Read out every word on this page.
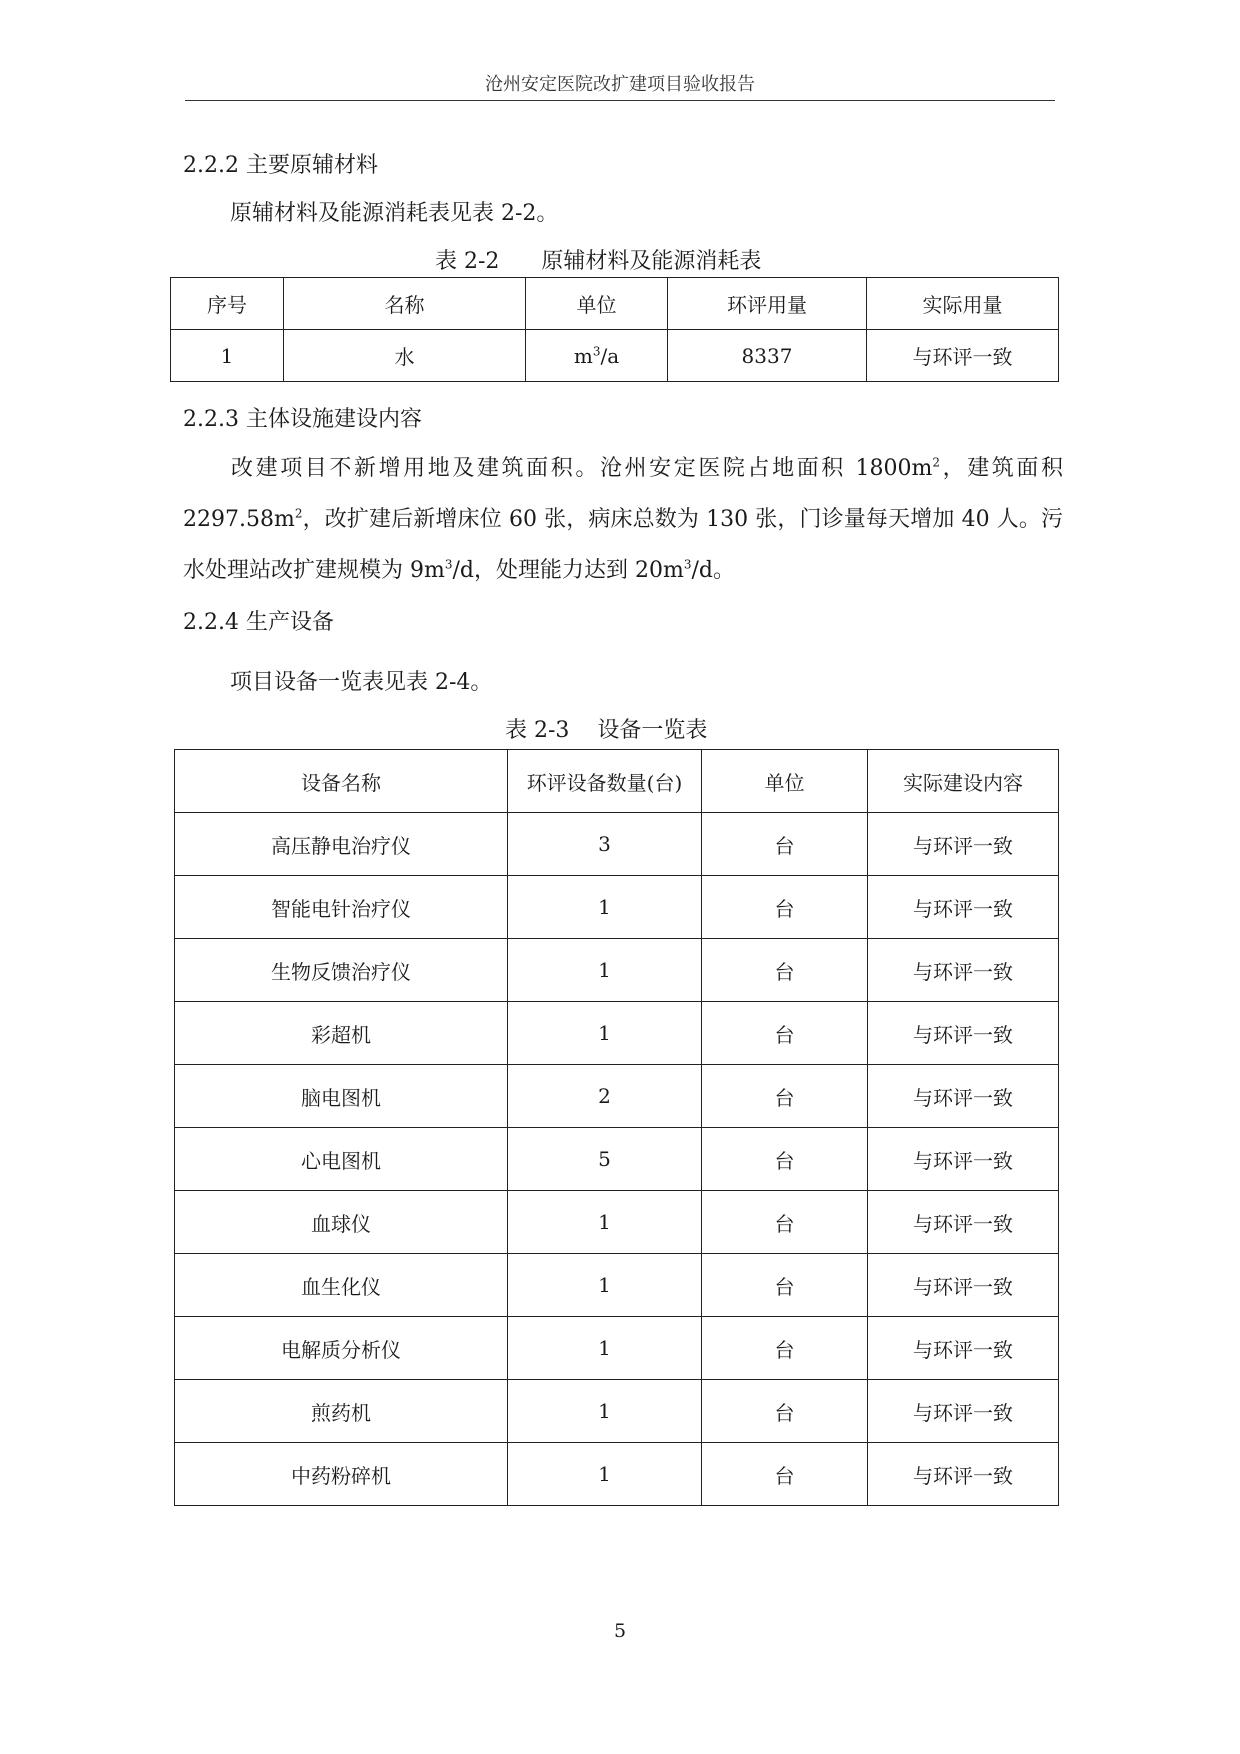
沧州安定医院改扩建项目验收报告
2.2.2 主要原辅材料
原辅材料及能源消耗表见表 2-2。
表 2-2      原辅材料及能源消耗表
序号	名称	单位	环评用量	实际用量
1	水	$m^3/a$	8337	与环评一致
2.2.3 主体设施建设内容
改建项目不新增用地及建筑面积。沧州安定医院占地面积 $1800m^2$，建筑面积 $2297.58m^2$，改扩建后新增床位 60 张，病床总数为 130 张，门诊量每天增加 40 人。污水处理站改扩建规模为 $9m^3/d$，处理能力达到 $20m^3/d$。
2.2.4 生产设备
项目设备一览表见表 2-4。
表 2-3    设备一览表
设备名称	环评设备数量(台)	单位	实际建设内容
高压静电治疗仪	3	台	与环评一致
智能电针治疗仪	1	台	与环评一致
生物反馈治疗仪	1	台	与环评一致
彩超机	1	台	与环评一致
脑电图机	2	台	与环评一致
心电图机	5	台	与环评一致
血球仪	1	台	与环评一致
血生化仪	1	台	与环评一致
电解质分析仪	1	台	与环评一致
煎药机	1	台	与环评一致
中药粉碎机	1	台	与环评一致
5
